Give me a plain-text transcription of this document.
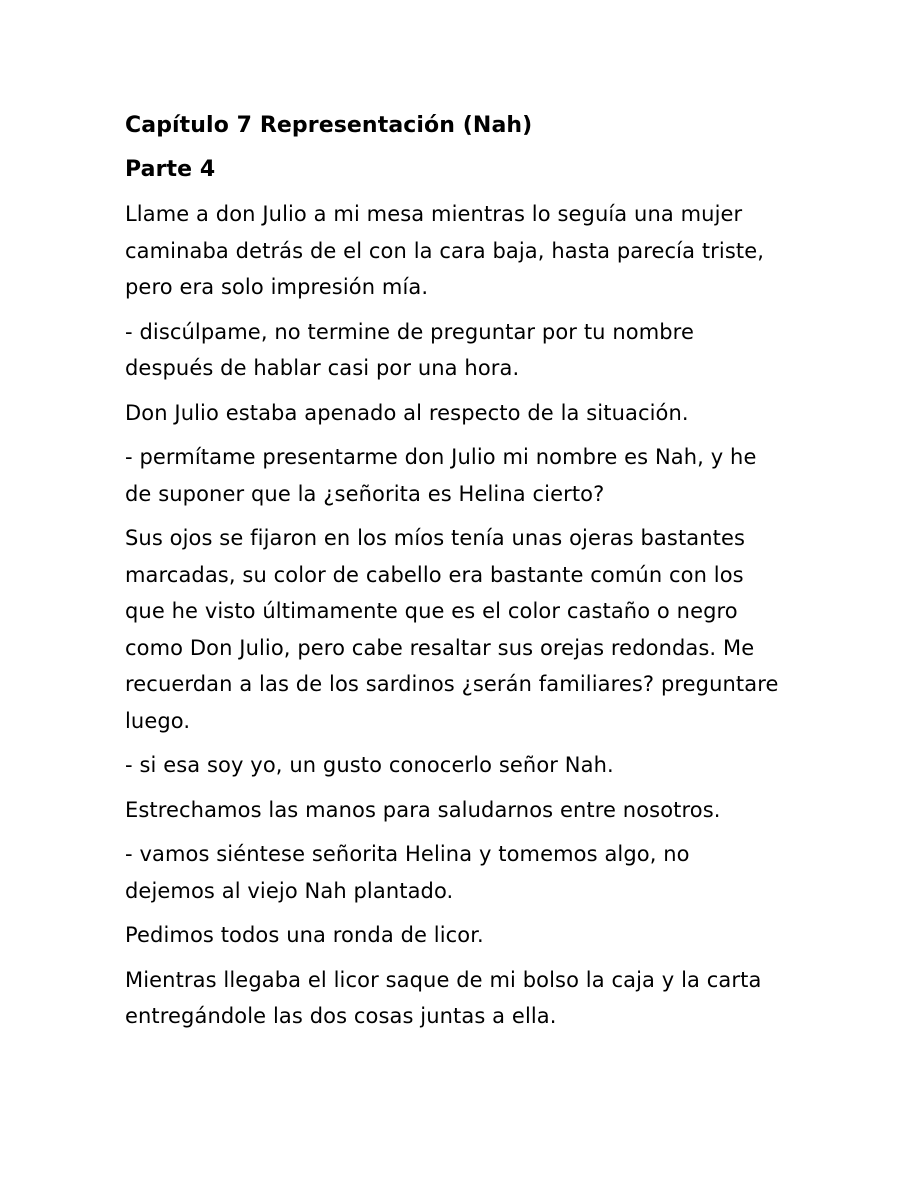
Capítulo 7 Representación (Nah)

Parte 4

Llame a don Julio a mi mesa mientras lo seguía una mujer caminaba detrás de el con la cara baja, hasta parecía triste, pero era solo impresión mía.

- discúlpame, no termine de preguntar por tu nombre después de hablar casi por una hora.

Don Julio estaba apenado al respecto de la situación.

- permítame presentarme don Julio mi nombre es Nah, y he de suponer que la ¿señorita es Helina cierto?

Sus ojos se fijaron en los míos tenía unas ojeras bastantes marcadas, su color de cabello era bastante común con los que he visto últimamente que es el color castaño o negro como Don Julio, pero cabe resaltar sus orejas redondas. Me recuerdan a las de los sardinos ¿serán familiares? preguntare luego.

- si esa soy yo, un gusto conocerlo señor Nah.

Estrechamos las manos para saludarnos entre nosotros.

- vamos siéntese señorita Helina y tomemos algo, no dejemos al viejo Nah plantado.

Pedimos todos una ronda de licor.

Mientras llegaba el licor saque de mi bolso la caja y la carta entregándole las dos cosas juntas a ella.
